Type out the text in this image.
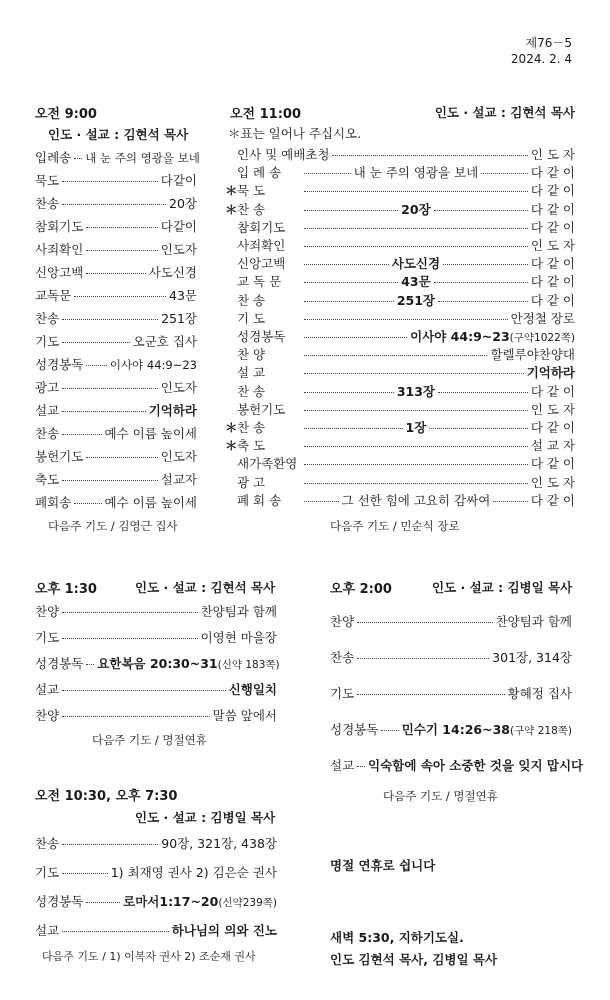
제76－5
2024. 2. 4
오전 9:00
인도 · 설교 : 김현석 목사
입례송 내 눈 주의 영광을 보네
묵도	다같이
찬송	20장
참회기도	다같이
사죄확인	인도자
신앙고백	사도신경
교독문	43문
찬송	251장
기도	오군호 집사
성경봉독 이사야 44:9~23
광고	인도자
설교	기억하라
찬송	예수 이름 높이세
봉헌기도	인도자
축도	설교자
폐회송	예수 이름 높이세
다음주 기도 / 김영근 집사
오전 11:00	인도 · 설교 : 김현석 목사
＊표는 일어나 주십시오.
인사 및 예배초청	인 도 자
입 례 송	내 눈 주의 영광을 보네	다 같 이
＊ 묵 도	다 같 이
＊ 찬 송	20장	다 같 이
참회기도	다 같 이
사죄확인	인 도 자
신앙고백	사도신경	다 같 이
교 독 문	43문	다 같 이
찬 송	251장	다 같 이
기 도	안정철 장로
성경봉독	이사야 44:9~23 (구약1022쪽)
찬 양	할렐루야찬양대
설 교	기억하라
찬 송	313장	다 같 이
봉헌기도	인 도 자
＊ 찬 송	1장	다 같 이
＊ 축 도	설 교 자
새가족환영	다 같 이
광 고	인 도 자
폐 회 송	그 선한 힘에 고요히 감싸여	다 같 이
다음주 기도 / 민순식 장로
오후 1:30	인도 · 설교 : 김현석 목사
찬양	찬양팀과 함께
기도	이영현 마을장
성경봉독 요한복음 20:30~31 (신약 183쪽)
설교	신행일치
찬양	말씀 앞에서
다음주 기도 / 명절연휴
오후 2:00	인도 · 설교 : 김병일 목사
찬양	찬양팀과 함께
찬송	301장, 314장
기도	황혜정 집사
성경봉독 민수기 14:26~38 (구약 218쪽)
설교 익숙함에 속아 소중한 것을 잊지 맙시다
다음주 기도 / 명절연휴
오전 10:30, 오후 7:30
인도 · 설교 : 김병일 목사
찬송	90장, 321장, 438장
기도	1) 최재영 권사 2) 김은순 권사
성경봉독	로마서1:17~20 (신약239쪽)
설교	하나님의 의와 진노
다음주 기도 / 1) 이복자 권사 2) 조순재 권사
명절 연휴로 쉽니다
새벽 5:30, 지하기도실.
인도 김현석 목사, 김병일 목사
